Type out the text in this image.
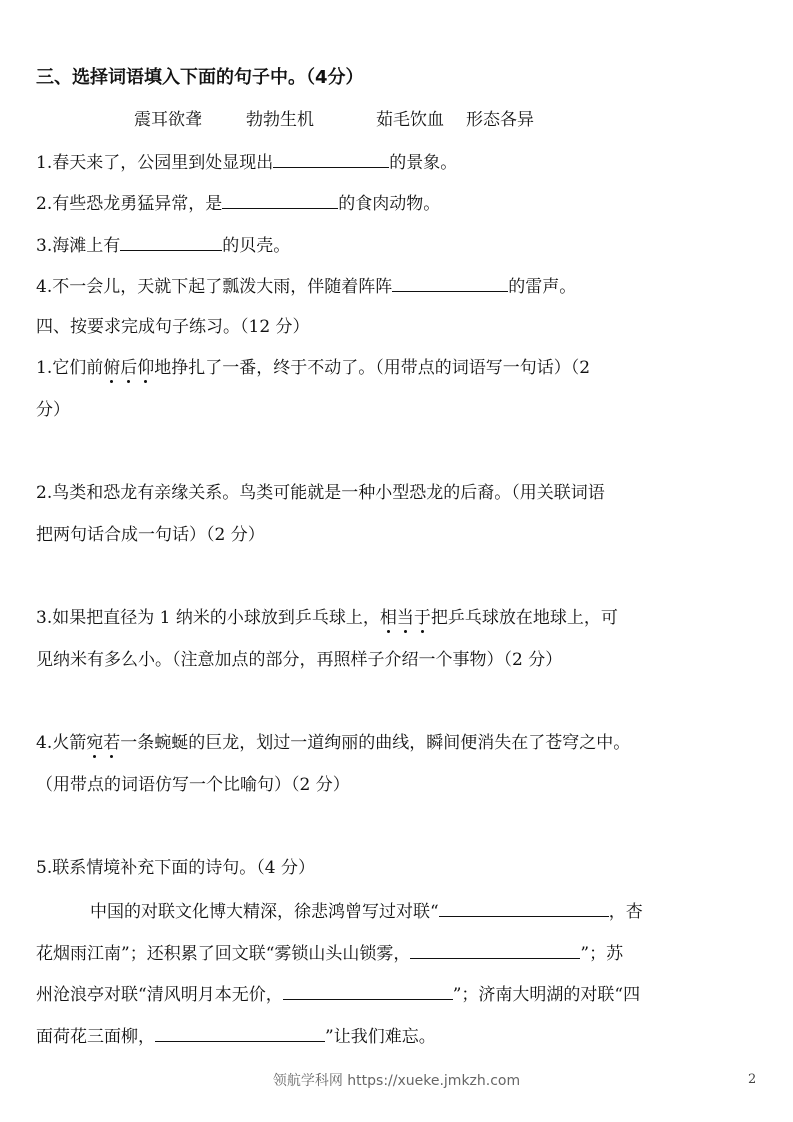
三、选择词语填入下面的句子中。（4分）
震耳欲聋	勃勃生机	茹毛饮血 形态各异
1.春天来了，公园里到处显现出	的景象。
2.有些恐龙勇猛异常，是	的食肉动物。
3.海滩上有	的贝壳。
4.不一会儿，天就下起了瓢泼大雨，伴随着阵阵	的雷声。
四、按要求完成句子练习。（12 分）
1.它们前俯后仰地挣扎了一番，终于不动了。（用带点的词语写一句话）（2
分）
2.鸟类和恐龙有亲缘关系。鸟类可能就是一种小型恐龙的后裔。（用关联词语
把两句话合成一句话）（2 分）
3.如果把直径为 1 纳米的小球放到乒乓球上，相当于把乒乓球放在地球上，可
见纳米有多么小。（注意加点的部分，再照样子介绍一个事物）（2 分）
4.火箭宛若一条蜿蜒的巨龙，划过一道绚丽的曲线，瞬间便消失在了苍穹之中。
（用带点的词语仿写一个比喻句）（2 分）
5.联系情境补充下面的诗句。（4 分）
中国的对联文化博大精深，徐悲鸿曾写过对联“	，杏
花烟雨江南”；还积累了回文联“雾锁山头山锁雾，	”；苏
州沧浪亭对联“清风明月本无价，	”；济南大明湖的对联“四
面荷花三面柳，	”让我们难忘。
领航学科网 https://xueke.jmkzh.com	2
